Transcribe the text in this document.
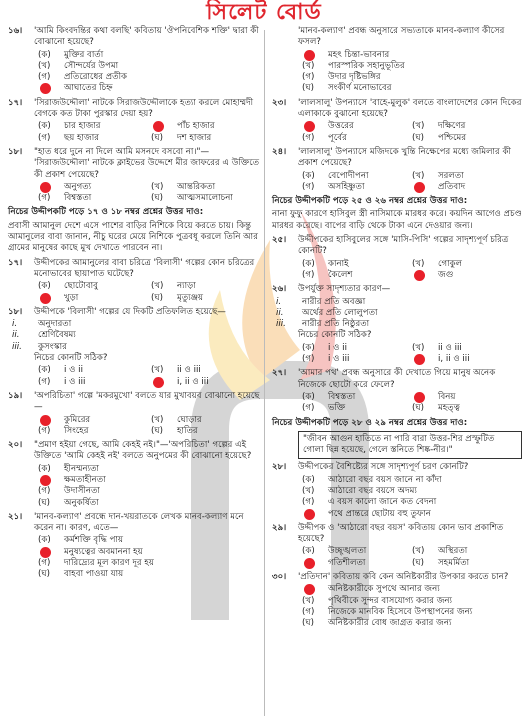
সিলেট বোর্ড
১৬।	'আমি কিংবদন্তির কথা বলছি' কবিতায় 'ঔপনিবেশিক শক্তি' দ্বারা কী বোঝানো হয়েছে?
(ক) মুক্তির বার্তা
(খ) সৌন্দর্যের উপমা
(গ) প্রতিরোধের প্রতীক
আঘাতের চিহ্ন
১৭।	'সিরাজউদ্দৌলা' নাটকে সিরাজউদ্দৌলাকে হত্যা করলে মোহাম্মদী বেগকে কত টাকা পুরস্কার দেয়া হয়?
(ক) চার হাজার	পাঁচ হাজার
(গ) ছয় হাজার	(ঘ) দশ হাজার
১৮।	"হাত ধরে দুনে না দিলে আমি মসনদে বসবো না।"— 'সিরাজউদ্দৌলা' নাটকে ক্লাইভের উদ্দেশে মীর জাফরের এ উক্তিতে কী প্রকাশ পেয়েছে?
অনুগত্য	(খ) আন্তরিকতা
(গ) বিশ্বস্ততা	(ঘ) আত্মসমালোচনা
নিচের উদ্দীপকটি পড়ে ১৭ ও ১৮ নম্বর প্রশ্নের উত্তর দাও:
প্রবাসী আমানুল দেশে এসে পাশের বাড়ির নিশিকে বিয়ে করতে চায়। কিন্তু আমানুলের বাবা জানান, নীচু ঘরের মেয়ে নিশিকে পুত্রবধূ করলে তিনি আর গ্রামের মানুষের কাছে মুখ দেখাতে পারবেন না।
১৭।	উদ্দীপকের আমানুলের বাবা চরিত্রে 'বিলাসী' গল্পের কোন চরিত্রের মনোভাবের ছায়াপাত ঘটেছে?
(ক) ছোটোবাবু	(খ) ন্যাড়া
খুড়া	(ঘ) মৃত্যুঞ্জয়
১৮।	উদ্দীপকে 'বিলাসী' গল্পের যে দিকটি প্রতিফলিত হয়েছে—
i. অনুদারতা
ii. শ্রেণিবৈষম্য
iii. কুসংস্কার
নিচের কোনটি সঠিক?
(ক) i ও ii	(খ) ii ও iii
(গ) i ও iii	i, ii ও iii
১৯।	'অপরিচিতা' গল্পে 'মকরমুখো' বলতে যার মুখাবয়ব বোঝানো হয়েছে—
কুমিরের	(খ) ঘোড়ার
(গ) সিংহের	(ঘ) হাতির
২০।	"প্রমাণ হইয়া গেছে, আমি কেহই নই।"—'অপরিচিতা' গল্পের এই উক্তিতে 'আমি কেহই নই' বলতে অনুপমের কী বোঝানো হয়েছে?
(ক) হীনম্মন্যতা
ক্ষমতাহীনতা
(গ) উদাসীনতা
(ঘ) অনুকর্ষিতা
২১।	'মানব-কল্যাণ' প্রবন্ধে দান-খয়রাতকে লেখক মানব-কল্যাণ মনে করেন না। কারণ, এতে—
(ক) কর্মশক্তি বৃদ্ধি পায়
মনুষ্যত্বের অবমাননা হয়
(গ) দারিদ্র্যের মূল কারণ দূর হয়
(ঘ) বাহবা পাওয়া যায়
'মানব-কল্যাণ' প্রবন্ধ অনুসারে সভ্যতাকে মানব-কল্যাণ কীসের ফসল?
মহৎ চিন্তা-ভাবনার
(খ) পারস্পরিক সহানুভূতির
(গ) উদার দৃষ্টিভঙ্গির
(ঘ) সংকীর্ণ মনোভাবের
২৩।	'লালসালু' উপন্যাসে 'বাহে-মুলুক' বলতে বাংলাদেশের কোন দিকের এলাকাকে বুঝানো হয়েছে?
উত্তরের	(খ) দক্ষিণের
(গ) পূর্বের	(ঘ) পশ্চিমের
২৪।	'লালসালু' উপন্যাসে মজিদকে খুন্তি নিক্ষেপের মধ্যে জমিলার কী প্রকাশ পেয়েছে?
(ক) বেপোদীপনা	(খ) সরলতা
(গ) অসহিষ্ণুতা	প্রতিবাদ
নিচের উদ্দীপকটি পড়ে ২৫ ও ২৬ নম্বর প্রশ্নের উত্তর দাও:
নানা ফুফু কারণে হাসিবুল স্ত্রী নাসিমাকে মারধর করে। কয়দিন আগেও প্রচণ্ড মারধর করেছে। বাপের বাড়ি থেকে টাকা এনে দেওয়ার জন্য।
২৫।	উদ্দীপকের হাসিবুলের সঙ্গে 'মাসি-পিসি' গল্পের সাদৃশ্যপূর্ণ চরিত্র কোনটি?
(ক) কানাই	(খ) গোকুল
(গ) কৈলেশ	জগু
২৬।	উপর্যুক্ত সাদৃশ্যতার কারণ—
i. নারীর প্রতি অবজ্ঞা
ii. অর্থের প্রতি লোলুপতা
iii. নারীর প্রতি নিষ্ঠুরতা
নিচের কোনটি সঠিক?
(ক) i ও ii	(খ) ii ও iii
(গ) i ও iii	i, ii ও iii
২৭।	'আমার পথ' প্রবন্ধ অনুসারে কী দেখাতে গিয়ে মানুষ অনেক নিজেকে ছোটো করে ফেলে?
(ক) বিশ্বস্ততা	বিনয়
(গ) ভক্তি	(ঘ) মহত্ত্ব
নিচের উদ্দীপকটি পড়ে ২৮ ও ২৯ নম্বর প্রশ্নের উত্তর দাও:
"জীবন আগুন হাতিতে না পারি বারা উত্তর-শির প্রস্ফুটিত গোলা ছিন্ন হয়েছে, গেলে স্তনিতে শিষ্ক-নীর।"
২৮।	উদ্দীপকের বৈশিষ্ট্যের সঙ্গে সাদৃশ্যপূর্ণ চরণ কোনটি?
(ক) আঠারো বছর বয়স জানে না কাঁদা
(খ) আঠারো বছর বয়সে অদম্য
(গ) এ বয়স কালো জানে কত বেদনা
পথে প্রান্তরে ছোটায় বহু তুফান
২৯।	উদ্দীপক ও 'আঠারো বছর বয়স' কবিতায় কোন ভাব প্রকাশিত হয়েছে?
(ক) উচ্ছৃঙ্খলতা	(খ) অস্থিরতা
গতিশীলতা	(ঘ) সহমর্মিতা
৩০।	'প্রতিদান' কবিতায় কবি কেন অনিষ্টকারীর উপকার করতে চান?
অনিষ্টকারীকে সুপথে আনার জন্য
(খ) পৃথিবীকে সুন্দর বাসযোগ্য করার জন্য
(গ) নিজেকে মানবিক হিসেবে উপস্থাপনের জন্য
(ঘ) অনিষ্টকারীর বোধ জাগ্রত করার জন্য
